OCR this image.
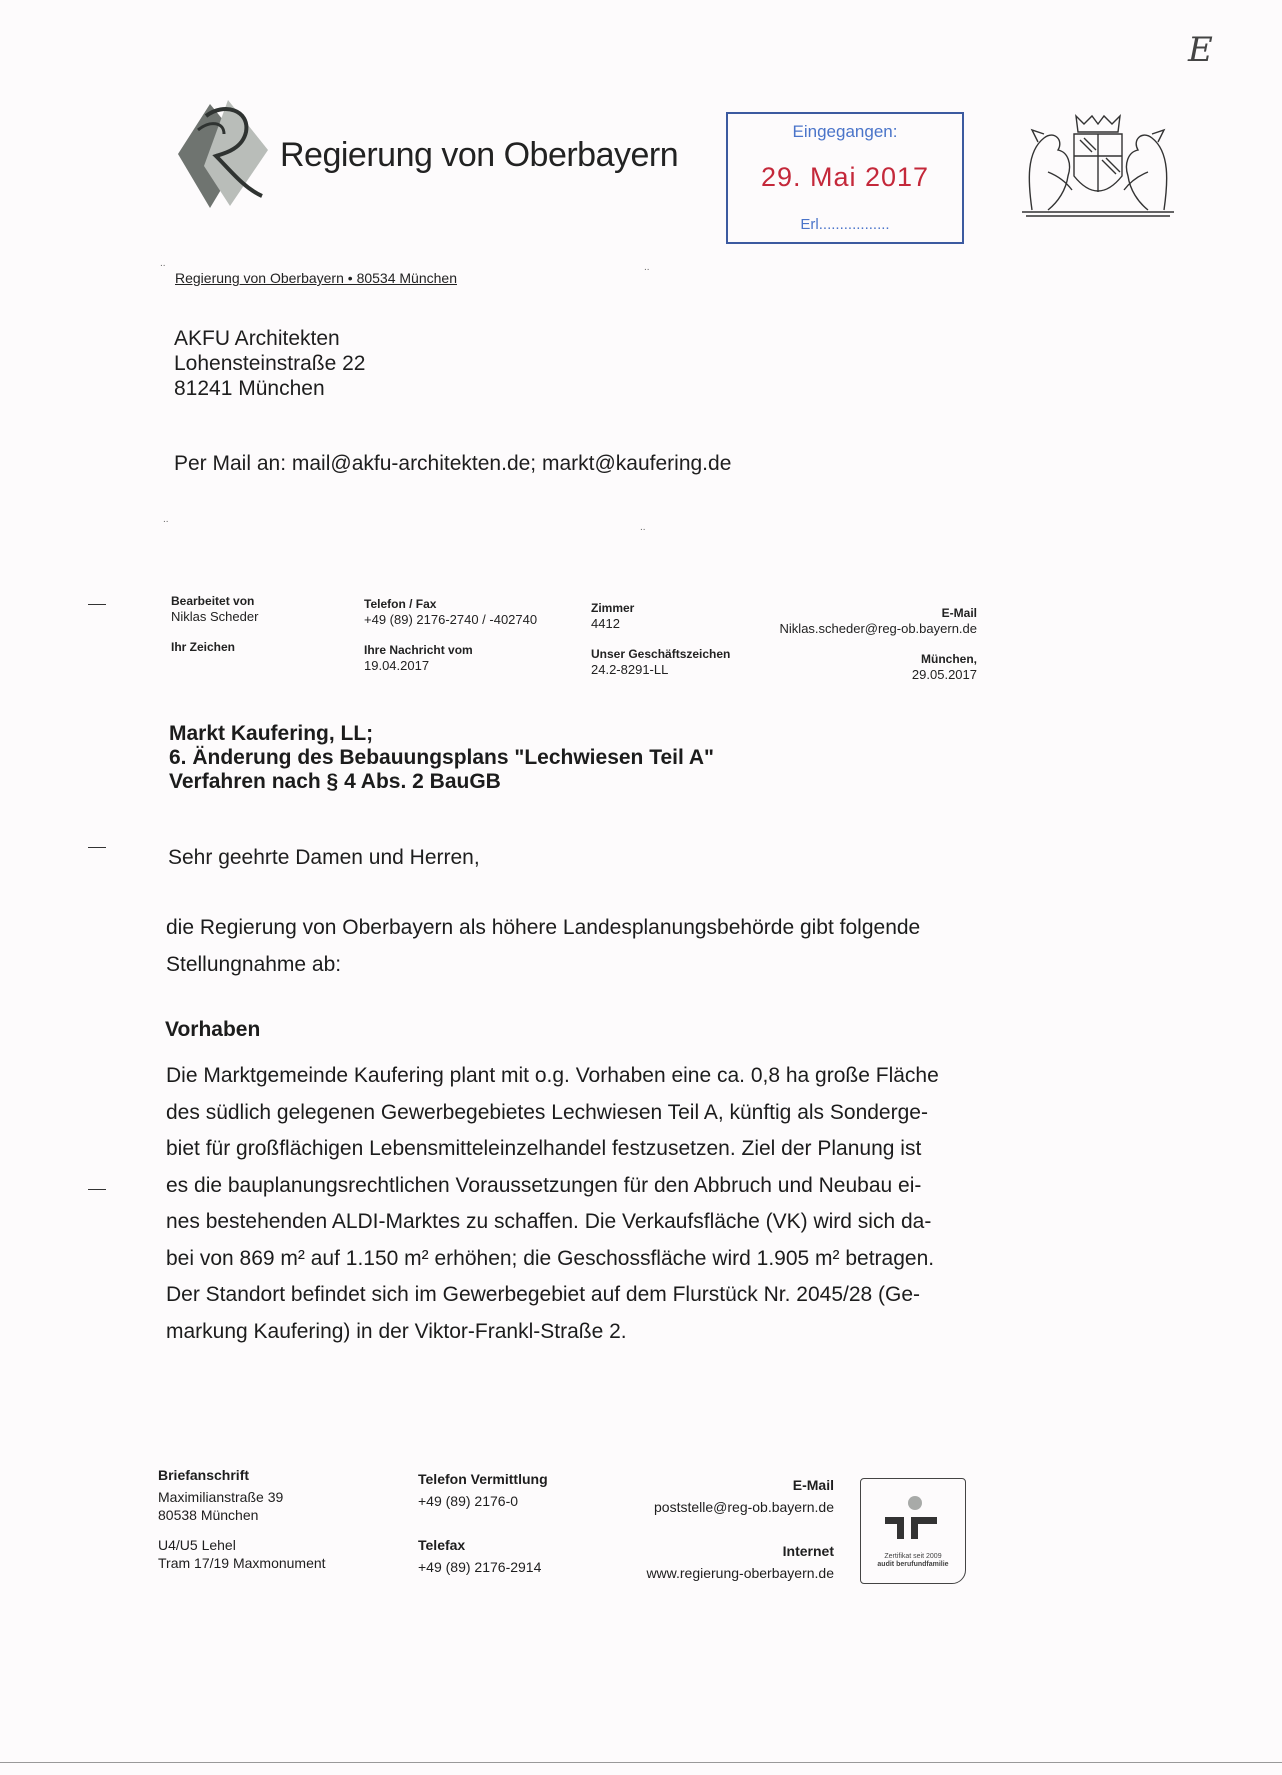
E
Regierung von Oberbayern
Eingegangen:
29. Mai 2017
Erl.................
..	..
Regierung von Oberbayern • 80534 München
AKFU Architekten
Lohensteinstraße 22
81241 München
Per Mail an: mail@akfu-architekten.de; markt@kaufering.de
..
..
Bearbeitet von
Niklas Scheder
Ihr Zeichen
Telefon / Fax
+49 (89) 2176-2740 / -402740
Ihre Nachricht vom
19.04.2017
Zimmer
4412
Unser Geschäftszeichen
24.2-8291-LL
E-Mail
Niklas.scheder@reg-ob.bayern.de
München,
29.05.2017
Markt Kaufering, LL;
6. Änderung des Bebauungsplans "Lechwiesen Teil A"
Verfahren nach § 4 Abs. 2 BauGB
Sehr geehrte Damen und Herren,
die Regierung von Oberbayern als höhere Landesplanungsbehörde gibt folgende
Stellungnahme ab:
Vorhaben
Die Marktgemeinde Kaufering plant mit o.g. Vorhaben eine ca. 0,8 ha große Fläche
des südlich gelegenen Gewerbegebietes Lechwiesen Teil A, künftig als Sonderge-
biet für großflächigen Lebensmitteleinzelhandel festzusetzen. Ziel der Planung ist
es die bauplanungsrechtlichen Voraussetzungen für den Abbruch und Neubau ei-
nes bestehenden ALDI-Marktes zu schaffen. Die Verkaufsfläche (VK) wird sich da-
bei von 869 m² auf 1.150 m² erhöhen; die Geschossfläche wird 1.905 m² betragen.
Der Standort befindet sich im Gewerbegebiet auf dem Flurstück Nr. 2045/28 (Ge-
markung Kaufering) in der Viktor-Frankl-Straße 2.
Briefanschrift
Maximilianstraße 39
80538 München
U4/U5 Lehel
Tram 17/19 Maxmonument
Telefon Vermittlung
+49 (89) 2176-0
Telefax
+49 (89) 2176-2914
E-Mail
poststelle@reg-ob.bayern.de
Internet
www.regierung-oberbayern.de
Zertifikat seit 2009
audit berufundfamilie
